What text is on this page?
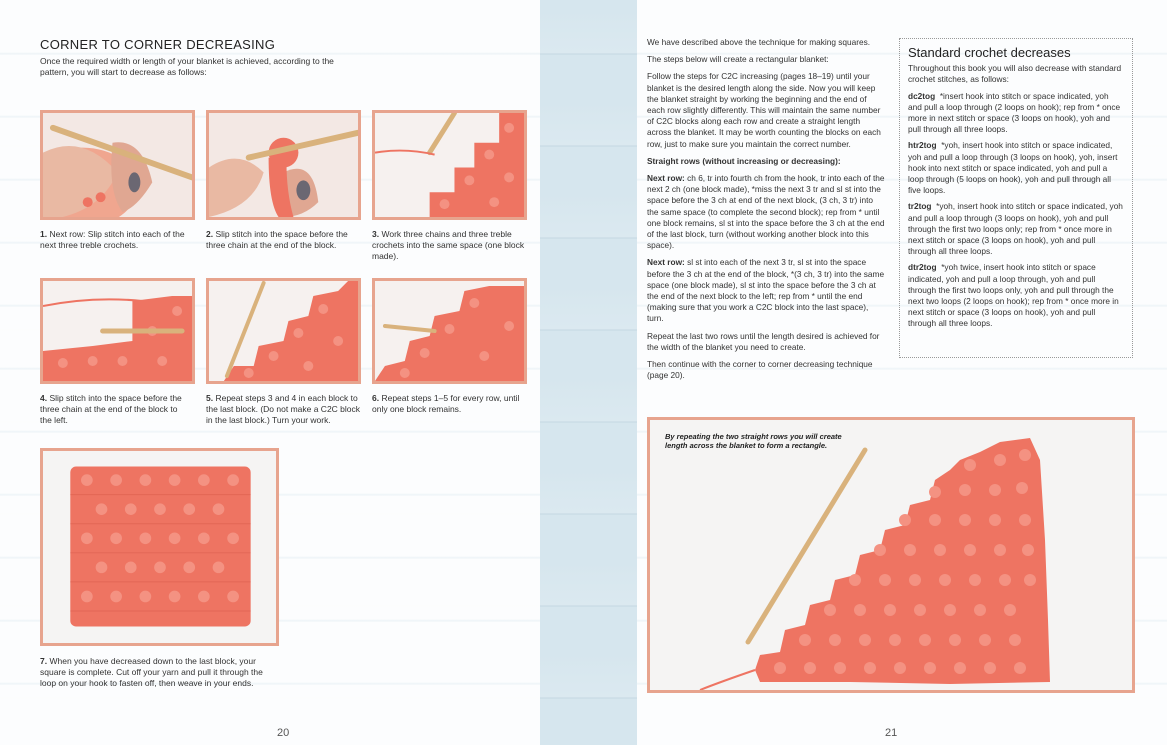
CORNER TO CORNER DECREASING
Once the required width or length of your blanket is achieved, according to the pattern, you will start to decrease as follows:
1. Next row: Slip stitch into each of the next three treble crochets.
2. Slip stitch into the space before the three chain at the end of the block.
3. Work three chains and three treble crochets into the same space (one block made).
4. Slip stitch into the space before the three chain at the end of the block to the left.
5. Repeat steps 3 and 4 in each block to the last block. (Do not make a C2C block in the last block.) Turn your work.
6. Repeat steps 1–5 for every row, until only one block remains.
7. When you have decreased down to the last block, your square is complete. Cut off your yarn and pull it through the loop on your hook to fasten off, then weave in your ends.
20

We have described above the technique for making squares.

The steps below will create a rectangular blanket:

Follow the steps for C2C increasing (pages 18–19) until your blanket is the desired length along the side. Now you will keep the blanket straight by working the beginning and the end of each row slightly differently. This will maintain the same number of C2C blocks along each row and create a straight length across the blanket. It may be worth counting the blocks on each row, just to make sure you maintain the correct number.

Straight rows (without increasing or decreasing):

Next row: ch 6, tr into fourth ch from the hook, tr into each of the next 2 ch (one block made), *miss the next 3 tr and sl st into the space before the 3 ch at end of the next block, (3 ch, 3 tr) into the same space (to complete the second block); rep from * until one block remains, sl st into the space before the 3 ch at the end of the last block, turn (without working another block into this space).

Next row: sl st into each of the next 3 tr, sl st into the space before the 3 ch at the end of the block, *(3 ch, 3 tr) into the same space (one block made), sl st into the space before the 3 ch at the end of the next block to the left; rep from * until the end (making sure that you work a C2C block into the last space), turn.

Repeat the last two rows until the length desired is achieved for the width of the blanket you need to create.

Then continue with the corner to corner decreasing technique (page 20).

Standard crochet decreases

Throughout this book you will also decrease with standard crochet stitches, as follows:

dc2tog *insert hook into stitch or space indicated, yoh and pull a loop through (2 loops on hook); rep from * once more in next stitch or space (3 loops on hook), yoh and pull through all three loops.

htr2tog *yoh, insert hook into stitch or space indicated, yoh and pull a loop through (3 loops on hook), yoh, insert hook into next stitch or space indicated, yoh and pull a loop through (5 loops on hook), yoh and pull through all five loops.

tr2tog *yoh, insert hook into stitch or space indicated, yoh and pull a loop through (3 loops on hook), yoh and pull through the first two loops only; rep from * once more in next stitch or space (3 loops on hook), yoh and pull through all three loops.

dtr2tog *yoh twice, insert hook into stitch or space indicated, yoh and pull a loop through, yoh and pull through the first two loops only, yoh and pull through the next two loops (2 loops on hook); rep from * once more in next stitch or space (3 loops on hook), yoh and pull through all three loops.

By repeating the two straight rows you will create length across the blanket to form a rectangle.
21
